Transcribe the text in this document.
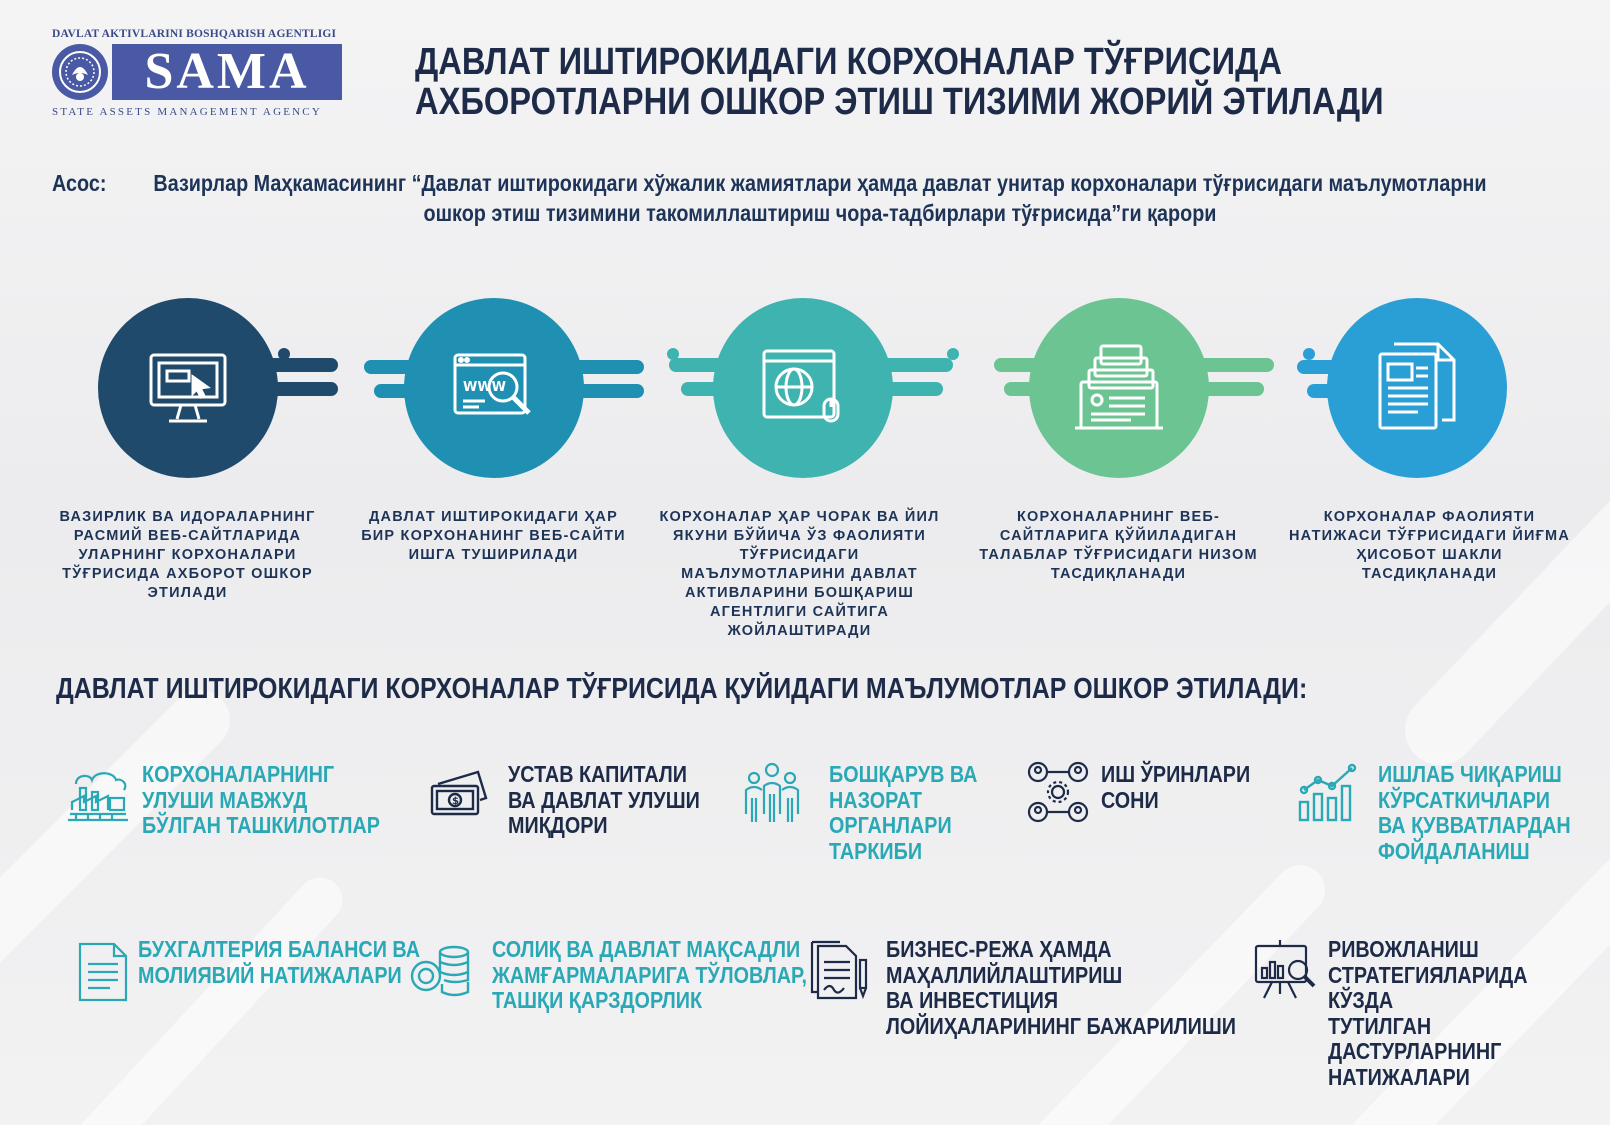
DAVLAT AKTIVLARINI BOSHQARISH AGENTLIGI
SAMA
STATE ASSETS MANAGEMENT AGENCY
ДАВЛАТ ИШТИРОКИДАГИ КОРХОНАЛАР ТЎҒРИСИДА АХБОРОТЛАРНИ ОШКОР ЭТИШ ТИЗИМИ ЖОРИЙ ЭТИЛАДИ
Асос:	Вазирлар Маҳкамасининг “Давлат иштирокидаги хўжалик жамиятлари ҳамда давлат унитар корхоналари тўғрисидаги маълумотларни ошкор этиш тизимини такомиллаштириш чора-тадбирлари тўғрисида”ги қарори
ВАЗИРЛИК ВА ИДОРАЛАРНИНГ РАСМИЙ ВЕБ-САЙТЛАРИДА УЛАРНИНГ КОРХОНАЛАРИ ТЎҒРИСИДА АХБОРОТ ОШКОР ЭТИЛАДИ
WWW
ДАВЛАТ ИШТИРОКИДАГИ ҲАР БИР КОРХОНАНИНГ ВЕБ-САЙТИ ИШГА ТУШИРИЛАДИ
КОРХОНАЛАР ҲАР ЧОРАК ВА ЙИЛ ЯКУНИ БЎЙИЧА ЎЗ ФАОЛИЯТИ ТЎҒРИСИДАГИ МАЪЛУМОТЛАРИНИ ДАВЛАТ АКТИВЛАРИНИ БОШҚАРИШ АГЕНТЛИГИ САЙТИГА ЖОЙЛАШТИРАДИ
КОРХОНАЛАРНИНГ ВЕБ-САЙТЛАРИГА ҚЎЙИЛАДИГАН ТАЛАБЛАР ТЎҒРИСИДАГИ НИЗОМ ТАСДИҚЛАНАДИ
КОРХОНАЛАР ФАОЛИЯТИ НАТИЖАСИ ТЎҒРИСИДАГИ ЙИҒМА ҲИСОБОТ ШАКЛИ ТАСДИҚЛАНАДИ
ДАВЛАТ ИШТИРОКИДАГИ КОРХОНАЛАР ТЎҒРИСИДА ҚУЙИДАГИ МАЪЛУМОТЛАР ОШКОР ЭТИЛАДИ:
КОРХОНАЛАРНИНГ
УЛУШИ МАВЖУД
БЎЛГАН ТАШКИЛОТЛАР
$
УСТАВ КАПИТАЛИ
ВА ДАВЛАТ УЛУШИ
МИҚДОРИ
БОШҚАРУВ ВА
НАЗОРАТ
ОРГАНЛАРИ
ТАРКИБИ
ИШ ЎРИНЛАРИ
СОНИ
ИШЛАБ ЧИҚАРИШ
КЎРСАТКИЧЛАРИ
ВА ҚУВВАТЛАРДАН
ФОЙДАЛАНИШ
БУХГАЛТЕРИЯ БАЛАНСИ ВА
МОЛИЯВИЙ НАТИЖАЛАРИ
СОЛИҚ ВА ДАВЛАТ МАҚСАДЛИ
ЖАМҒАРМАЛАРИГА ТЎЛОВЛАР,
ТАШҚИ ҚАРЗДОРЛИК
БИЗНЕС-РЕЖА ҲАМДА
МАҲАЛЛИЙЛАШТИРИШ
ВА ИНВЕСТИЦИЯ
ЛОЙИҲАЛАРИНИНГ БАЖАРИЛИШИ
РИВОЖЛАНИШ
СТРАТЕГИЯЛАРИДА КЎЗДА
ТУТИЛГАН ДАСТУРЛАРНИНГ
НАТИЖАЛАРИ
